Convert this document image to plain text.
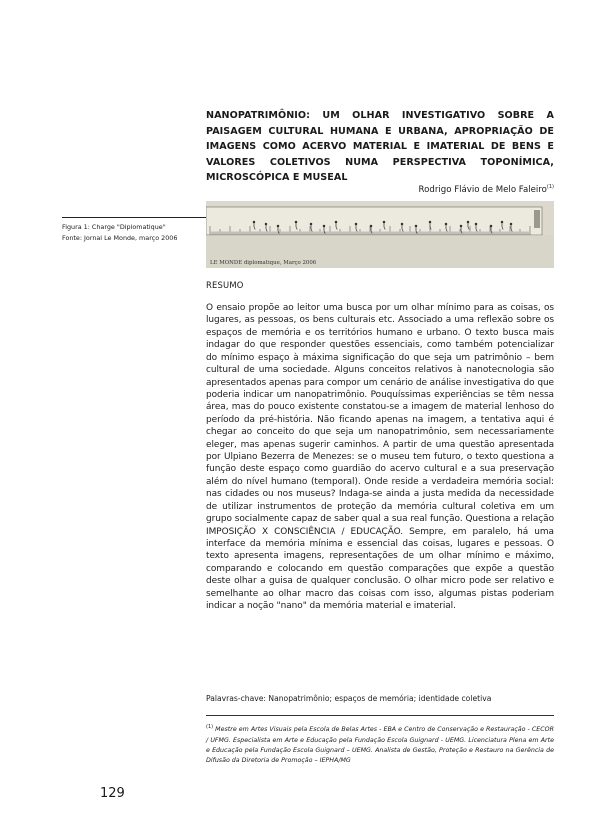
NANOPATRIMÔNIO: UM OLHAR INVESTIGATIVO SOBRE A PAISAGEM CULTURAL HUMANA E URBANA, APROPRIAÇÃO DE IMAGENS COMO ACERVO MATERIAL E IMATERIAL DE BENS E VALORES COLETIVOS NUMA PERSPECTIVA TOPONÍMICA, MICROSCÓPICA E MUSEAL

Rodrigo Flávio de Melo Faleiro$^{(1)}$

Figura 1: Charge "Diplomatique"
Fonte: Jornal Le Monde, março 2006
LE MONDE diplomatique, Março 2006

RESUMO

O ensaio propõe ao leitor uma busca por um olhar mínimo para as coisas, os lugares, as pessoas, os bens culturais etc. Associado a uma reflexão sobre os espaços de memória e os territórios humano e urbano. O texto busca mais indagar do que responder questões essenciais, como também potencializar do mínimo espaço à máxima significação do que seja um patrimônio – bem cultural de uma sociedade. Alguns conceitos relativos à nanotecnologia são apresentados apenas para compor um cenário de análise investigativa do que poderia indicar um nanopatrimônio. Pouquíssimas experiências se têm nessa área, mas do pouco existente constatou-se a imagem de material lenhoso do período da pré-história. Não ficando apenas na imagem, a tentativa aqui é chegar ao conceito do que seja um nanopatrimônio, sem necessariamente eleger, mas apenas sugerir caminhos. A partir de uma questão apresentada por Ulpiano Bezerra de Menezes: se o museu tem futuro, o texto questiona a função deste espaço como guardião do acervo cultural e a sua preservação além do nível humano (temporal). Onde reside a verdadeira memória social: nas cidades ou nos museus? Indaga-se ainda a justa medida da necessidade de utilizar instrumentos de proteção da memória cultural coletiva em um grupo socialmente capaz de saber qual a sua real função. Questiona a relação IMPOSIÇÃO X CONSCIÊNCIA / EDUCAÇÃO. Sempre, em paralelo, há uma interface da memória mínima e essencial das coisas, lugares e pessoas. O texto apresenta imagens, representações de um olhar mínimo e máximo, comparando e colocando em questão comparações que expõe a questão deste olhar a guisa de qualquer conclusão. O olhar micro pode ser relativo e semelhante ao olhar macro das coisas com isso, algumas pistas poderiam indicar a noção "nano" da memória material e imaterial.

Palavras-chave: Nanopatrimônio; espaços de memória; identidade coletiva

$^{(1)}$ Mestre em Artes Visuais pela Escola de Belas Artes - EBA e Centro de Conservação e Restauração - CECOR / UFMG. Especialista em Arte e Educação pela Fundação Escola Guignard - UEMG. Licenciatura Plena em Arte e Educação pela Fundação Escola Guignard – UEMG. Analista de Gestão, Proteção e Restauro na Gerência de Difusão da Diretoria de Promoção – IEPHA/MG

129
